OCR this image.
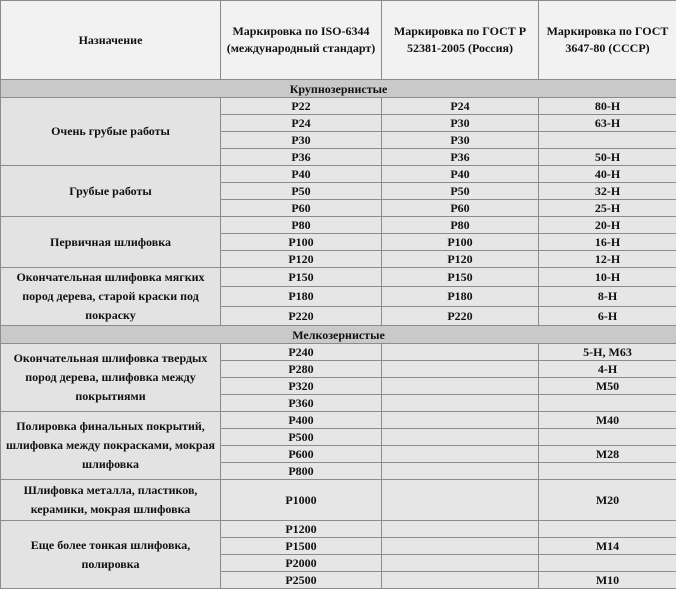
Назначение	Маркировка по ISO-6344 (международный стандарт)	Маркировка по ГОСТ Р 52381-2005 (Россия)	Маркировка по ГОСТ 3647-80 (СССР)
Крупнозернистые			
Очень грубые работы	P22	P24	80-Н
	P24	P30	63-Н
	P30	P30	
	P36	P36	50-Н
Грубые работы	P40	P40	40-Н
	P50	P50	32-Н
	P60	P60	25-Н
Первичная шлифовка	P80	P80	20-Н
	P100	P100	16-Н
	P120	P120	12-Н
Окончательная шлифовка мягких пород дерева, старой краски под покраску	P150	P150	10-Н
	P180	P180	8-Н
	P220	P220	6-Н
Мелкозернистые			
Окончательная шлифовка твердых пород дерева, шлифовка между покрытиями	P240		5-Н, М63
	P280		4-Н
	P320		М50
	P360		
Полировка финальных покрытий, шлифовка между покрасками, мокрая шлифовка	P400		М40
	P500		
	P600		М28
	P800		
Шлифовка металла, пластиков, керамики, мокрая шлифовка	P1000		М20
Еще более тонкая шлифовка, полировка	P1200		
	P1500		М14
	P2000		
	P2500		М10
